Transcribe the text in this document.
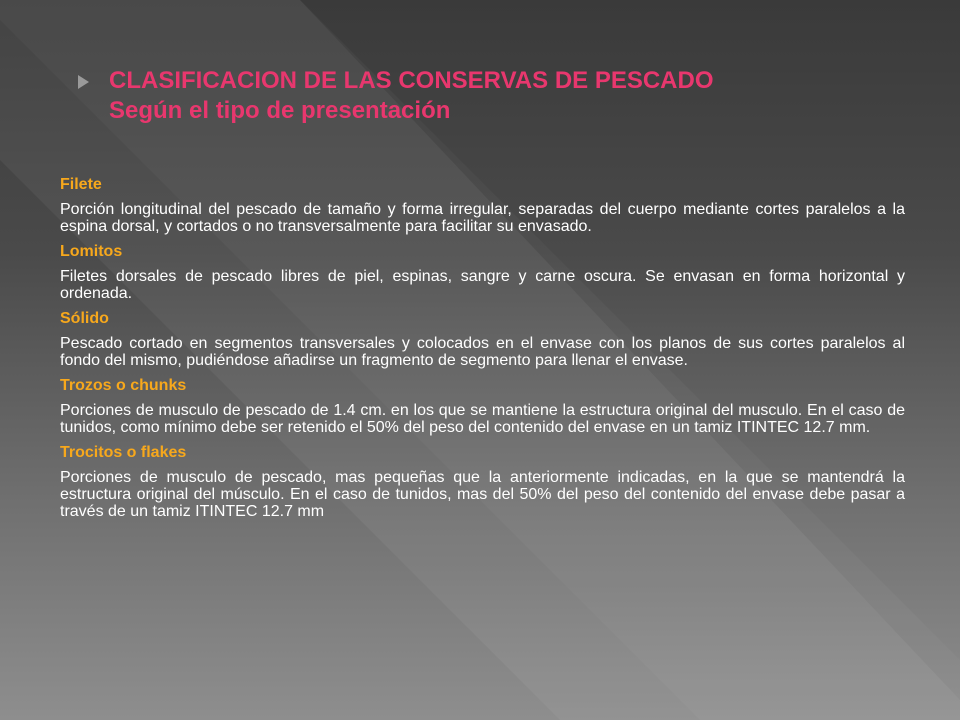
CLASIFICACION DE LAS CONSERVAS DE PESCADO
Según el tipo de presentación

Filete

Porción longitudinal del pescado de tamaño y forma irregular, separadas del cuerpo mediante cortes paralelos a la espina dorsal, y cortados o no transversalmente para facilitar su envasado.

Lomitos

Filetes dorsales de pescado libres de piel, espinas, sangre y carne oscura. Se envasan en forma horizontal y ordenada.

Sólido

Pescado cortado en segmentos transversales y colocados en el envase con los planos de sus cortes paralelos al fondo del mismo, pudiéndose añadirse un fragmento de segmento para llenar el envase.

Trozos o chunks

Porciones de musculo de pescado de 1.4 cm. en los que se mantiene la estructura original del musculo. En el caso de tunidos, como mínimo debe ser retenido el 50% del peso del contenido del envase en un tamiz ITINTEC 12.7 mm.

Trocitos o flakes

Porciones de musculo de pescado, mas pequeñas que la anteriormente indicadas, en la que se mantendrá la estructura original del músculo. En el caso de tunidos, mas del 50% del peso del contenido del envase debe pasar a través de un tamiz ITINTEC 12.7 mm
